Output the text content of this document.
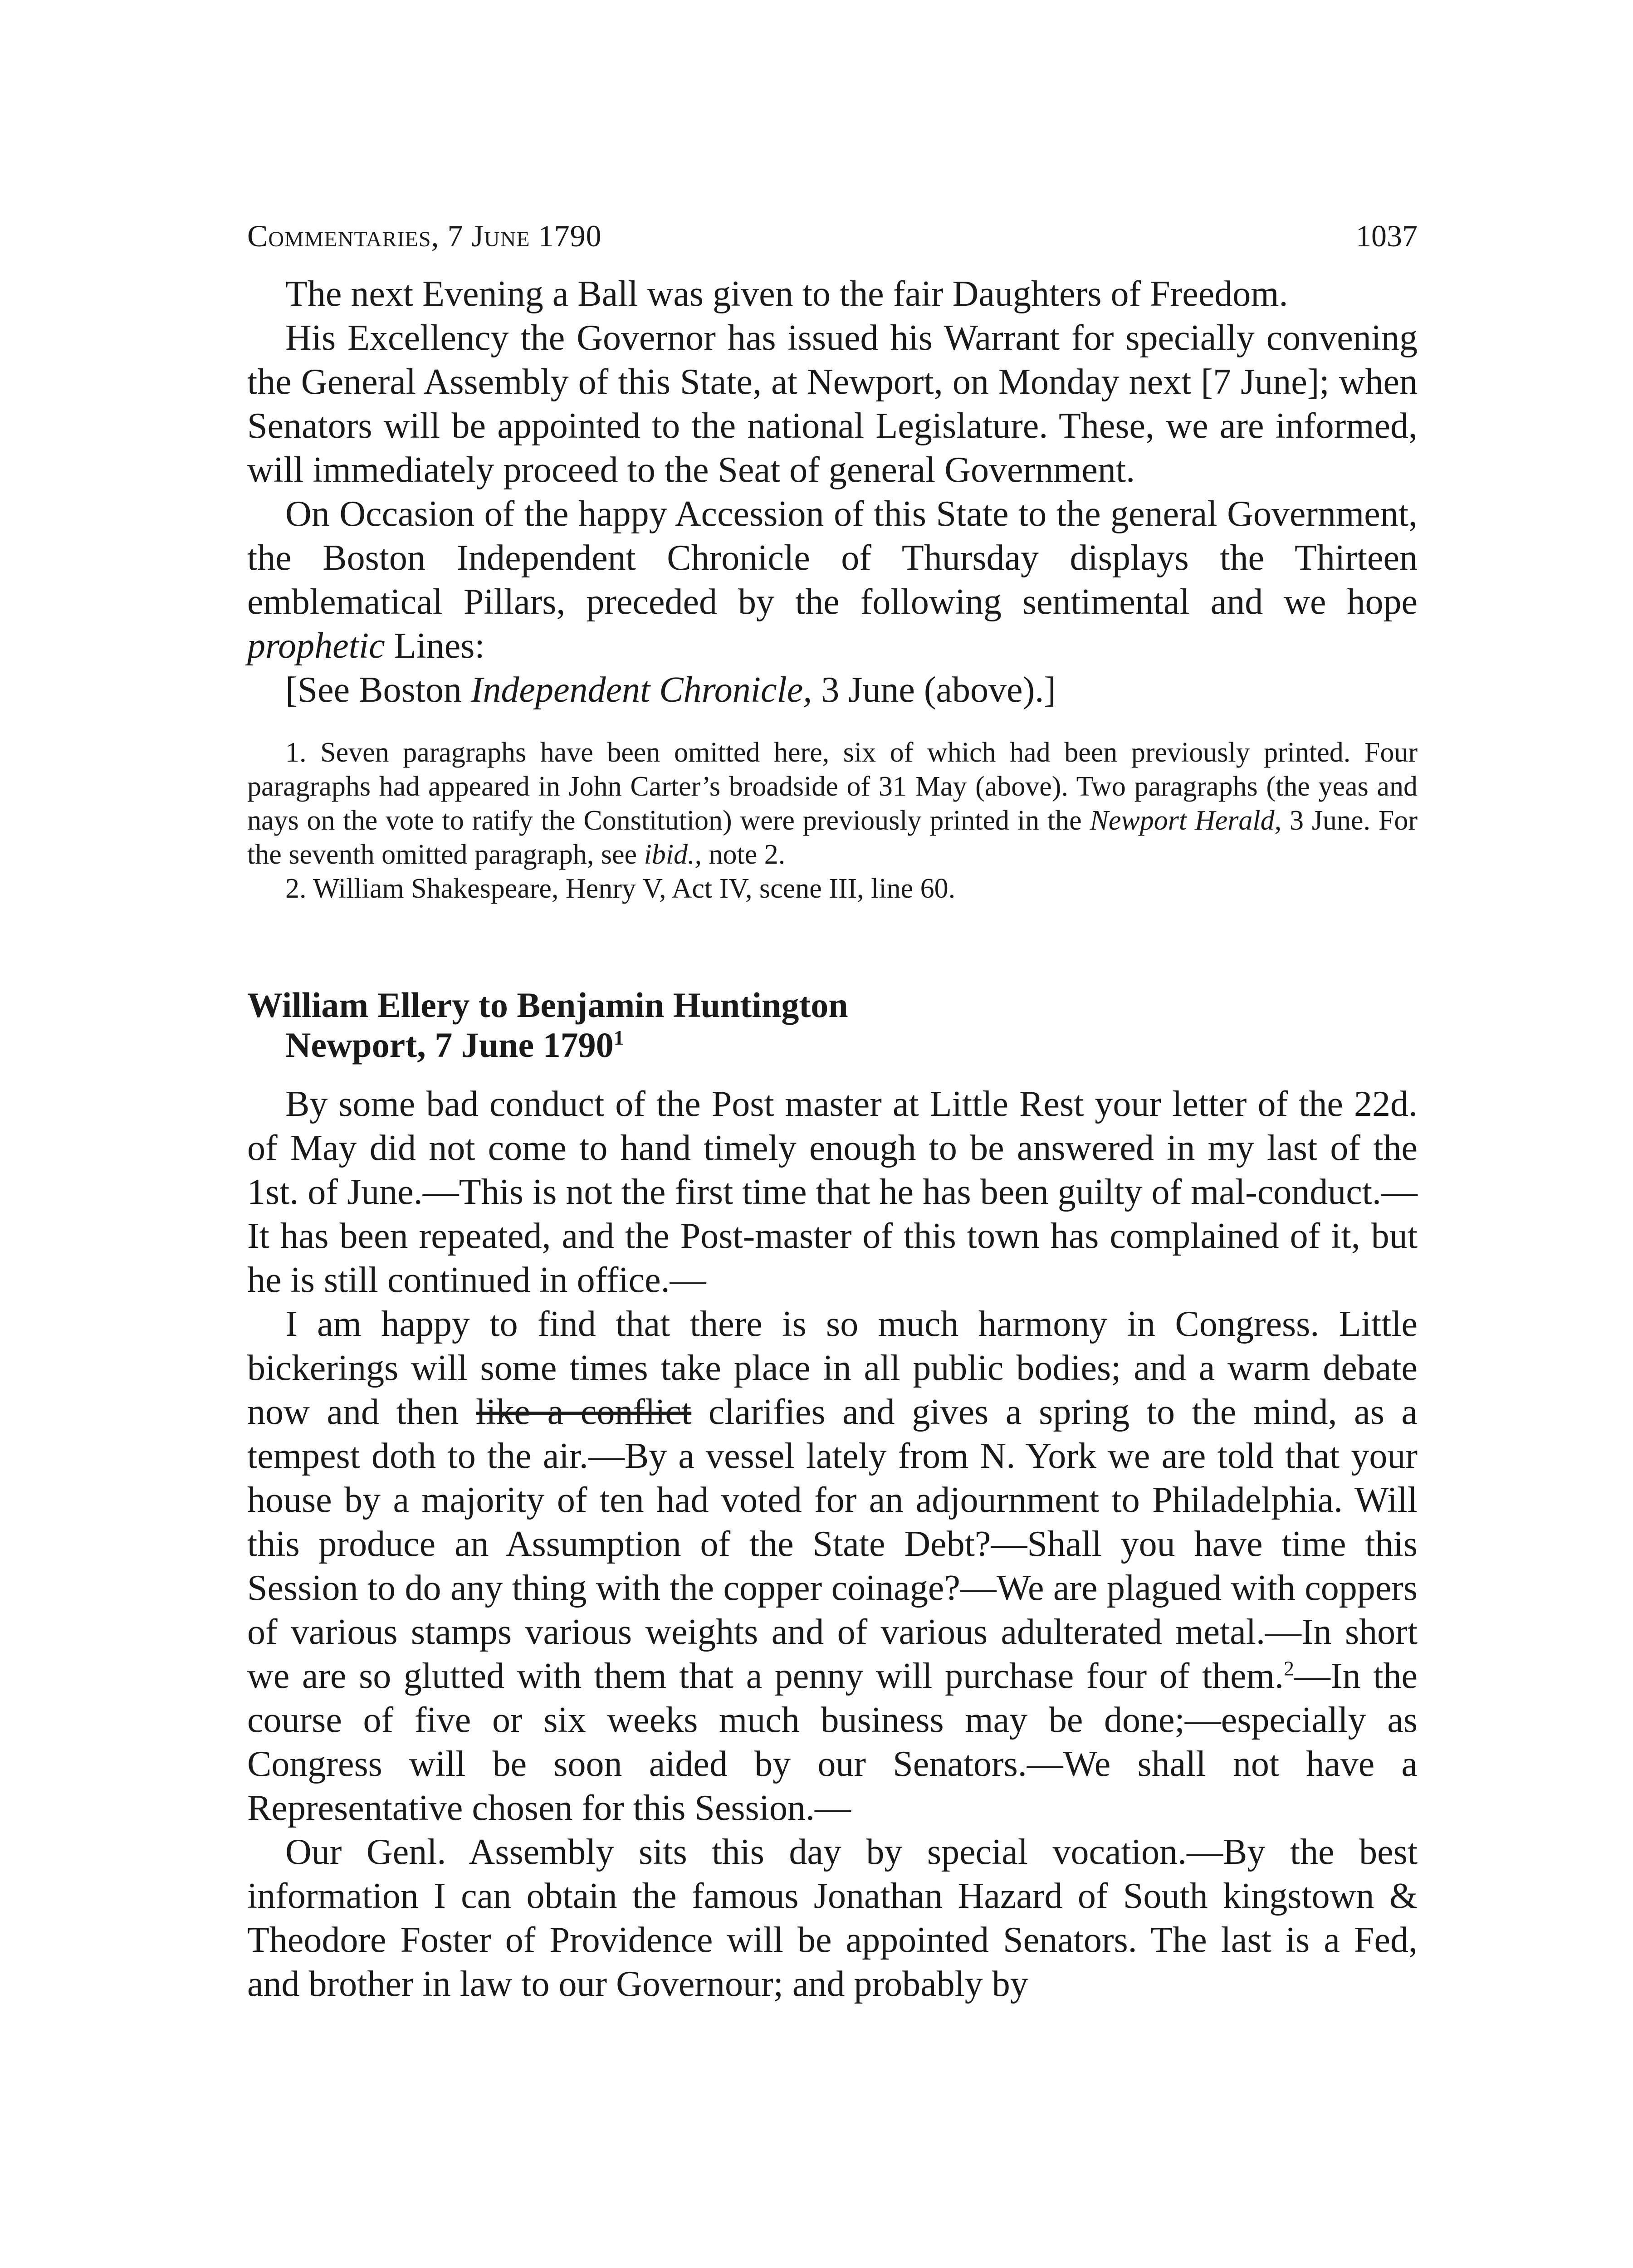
Commentaries, 7 June 1790	1037

The next Evening a Ball was given to the fair Daughters of Freedom.

His Excellency the Governor has issued his Warrant for specially convening the General Assembly of this State, at Newport, on Monday next [7 June]; when Senators will be appointed to the national Legislature. These, we are informed, will immediately proceed to the Seat of general Government.

On Occasion of the happy Accession of this State to the general Government, the Boston Independent Chronicle of Thursday displays the Thirteen emblematical Pillars, preceded by the following sentimental and we hope prophetic Lines:

[See Boston Independent Chronicle, 3 June (above).]

1. Seven paragraphs have been omitted here, six of which had been previously printed. Four paragraphs had appeared in John Carter’s broadside of 31 May (above). Two paragraphs (the yeas and nays on the vote to ratify the Constitution) were previously printed in the Newport Herald, 3 June. For the seventh omitted paragraph, see ibid., note 2.

2. William Shakespeare, Henry V, Act IV, scene III, line 60.

William Ellery to Benjamin Huntington
Newport, 7 June 1790$^1$

By some bad conduct of the Post master at Little Rest your letter of the 22d. of May did not come to hand timely enough to be answered in my last of the 1st. of June.—This is not the first time that he has been guilty of mal-conduct.—It has been repeated, and the Post-master of this town has complained of it, but he is still continued in office.—

I am happy to find that there is so much harmony in Congress. Little bickerings will some times take place in all public bodies; and a warm debate now and then like a conflict clarifies and gives a spring to the mind, as a tempest doth to the air.—By a vessel lately from N. York we are told that your house by a majority of ten had voted for an adjournment to Philadelphia. Will this produce an Assumption of the State Debt?—Shall you have time this Session to do any thing with the copper coinage?—We are plagued with coppers of various stamps various weights and of various adulterated metal.—In short we are so glutted with them that a penny will purchase four of them.$^2$—In the course of five or six weeks much business may be done;—especially as Congress will be soon aided by our Senators.—We shall not have a Representative chosen for this Session.—

Our Genl. Assembly sits this day by special vocation.—By the best information I can obtain the famous Jonathan Hazard of South kingstown & Theodore Foster of Providence will be appointed Senators. The last is a Fed, and brother in law to our Governour; and probably by
